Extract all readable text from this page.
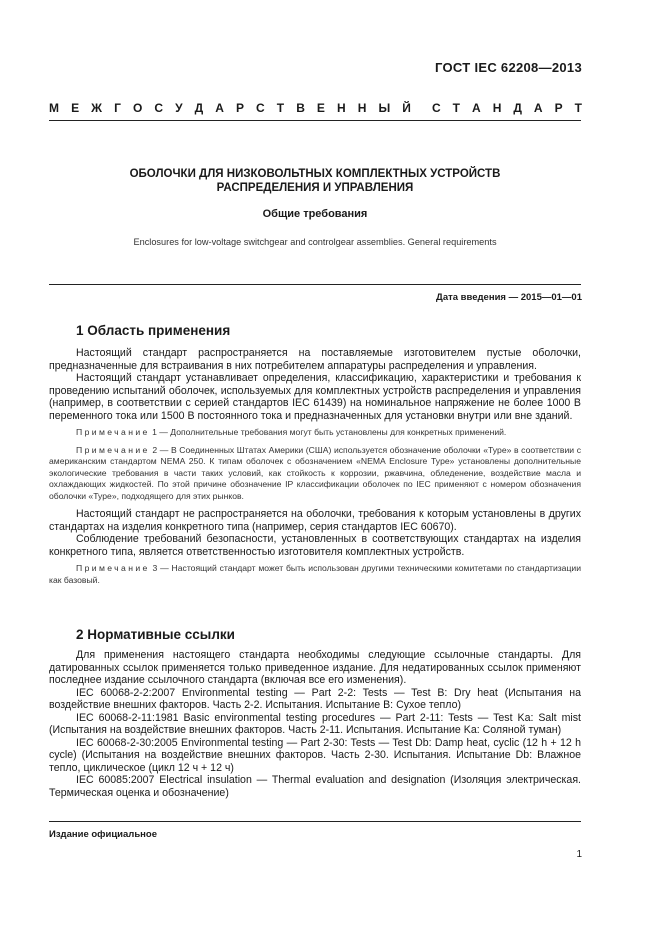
ГОСТ IEC 62208—2013
М Е Ж Г О С У Д А Р С Т В Е Н Н Ы Й С Т А Н Д А Р Т
ОБОЛОЧКИ ДЛЯ НИЗКОВОЛЬТНЫХ КОМПЛЕКТНЫХ УСТРОЙСТВ
РАСПРЕДЕЛЕНИЯ И УПРАВЛЕНИЯ
Общие требования
Enclosures for low-voltage switchgear and controlgear assemblies. General requirements
Дата введения — 2015—01—01
1 Область применения

Настоящий стандарт распространяется на поставляемые изготовителем пустые оболочки, предназначенные для встраивания в них потребителем аппаратуры распределения и управления.

Настоящий стандарт устанавливает определения, классификацию, характеристики и требования к проведению испытаний оболочек, используемых для комплектных устройств распределения и управления (например, в соответствии с серией стандартов IEC 61439) на номинальное напряжение не более 1000 В переменного тока или 1500 В постоянного тока и предназначенных для установки внутри или вне зданий.

Примечание 1 — Дополнительные требования могут быть установлены для конкретных применений.

Примечание 2 — В Соединенных Штатах Америки (США) используется обозначение оболочки «Type» в соответствии с американским стандартом NEMA 250. К типам оболочек с обозначением «NEMA Enclosure Type» установлены дополнительные экологические требования в части таких условий, как стойкость к коррозии, ржавчина, обледенение, воздействие масла и охлаждающих жидкостей. По этой причине обозначение IP классификации оболочек по IEC применяют с номером обозначения оболочки «Type», подходящего для этих рынков.

Настоящий стандарт не распространяется на оболочки, требования к которым установлены в других стандартах на изделия конкретного типа (например, серия стандартов IEC 60670).

Соблюдение требований безопасности, установленных в соответствующих стандартах на изделия конкретного типа, является ответственностью изготовителя комплектных устройств.

Примечание 3 — Настоящий стандарт может быть использован другими техническими комитетами по стандартизации как базовый.

2 Нормативные ссылки

Для применения настоящего стандарта необходимы следующие ссылочные стандарты. Для датированных ссылок применяется только приведенное издание. Для недатированных ссылок применяют последнее издание ссылочного стандарта (включая все его изменения).

IEC 60068-2-2:2007 Environmental testing — Part 2-2: Tests — Test B: Dry heat (Испытания на воздействие внешних факторов. Часть 2-2. Испытания. Испытание В: Сухое тепло)

IEC 60068-2-11:1981 Basic environmental testing procedures — Part 2-11: Tests — Test Ka: Salt mist (Испытания на воздействие внешних факторов. Часть 2-11. Испытания. Испытание Ka: Соляной туман)

IEC 60068-2-30:2005 Environmental testing — Part 2-30: Tests — Test Db: Damp heat, cyclic (12 h + 12 h cycle) (Испытания на воздействие внешних факторов. Часть 2-30. Испытания. Испытание Db: Влажное тепло, циклическое (цикл 12 ч + 12 ч)

IEC 60085:2007 Electrical insulation — Thermal evaluation and designation (Изоляция электрическая. Термическая оценка и обозначение)

Издание официальное
1
